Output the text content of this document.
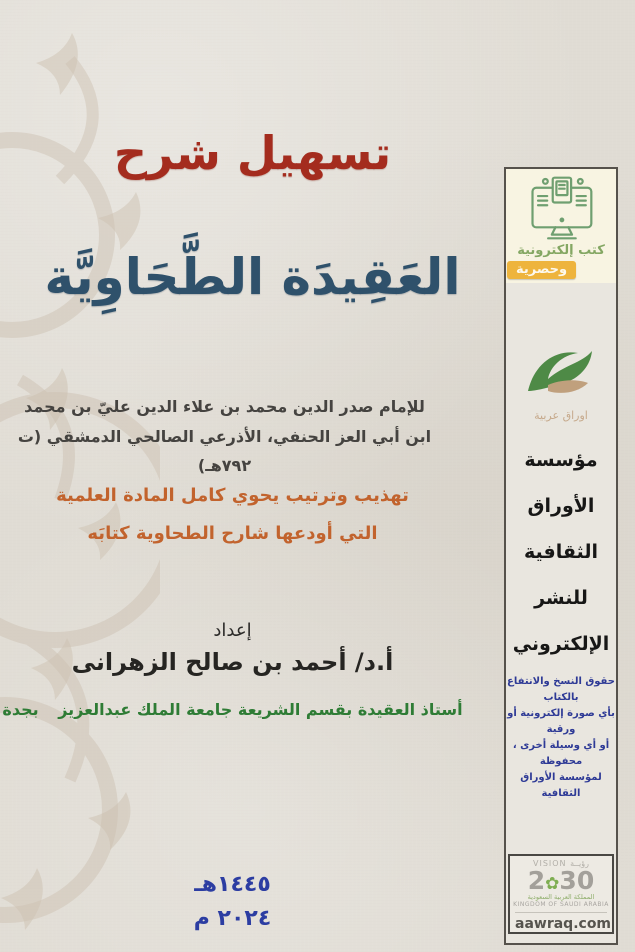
تسهيل شرح
العَقِيدَة الطَّحَاوِيَّة
للإمام صدر الدين محمد بن علاء الدين عليّ بن محمد
ابن أبي العز الحنفي، الأذرعي الصالحي الدمشقي (ت ٧٩٢هـ)
تهذيب وترتيب يحوي كامل المادة العلمية
التي أودعها شارح الطحاوية كتابَه
إعداد
أ.د/ أحمد بن صالح الزهرانى
أستاذ العقيدة بقسم الشريعة جامعة الملك عبدالعزيز بجدة
١٤٤٥هـ
٢٠٢٤ م
كتب إلكترونية
وحصرية
اوراق عربية
مؤسسة
الأوراق
الثقافية
للنشر
الإلكتروني
حقوق النسخ والانتفاع بالكتاب
بأي صورة إلكترونية أو ورقية
أو أي وسيلة أخرى ، محفوظة
لمؤسسة الأوراق الثقافية
VISION رؤيــة
2✿30
المملكة العربية السعودية
KINGDOM OF SAUDI ARABIA
aawraq.com
